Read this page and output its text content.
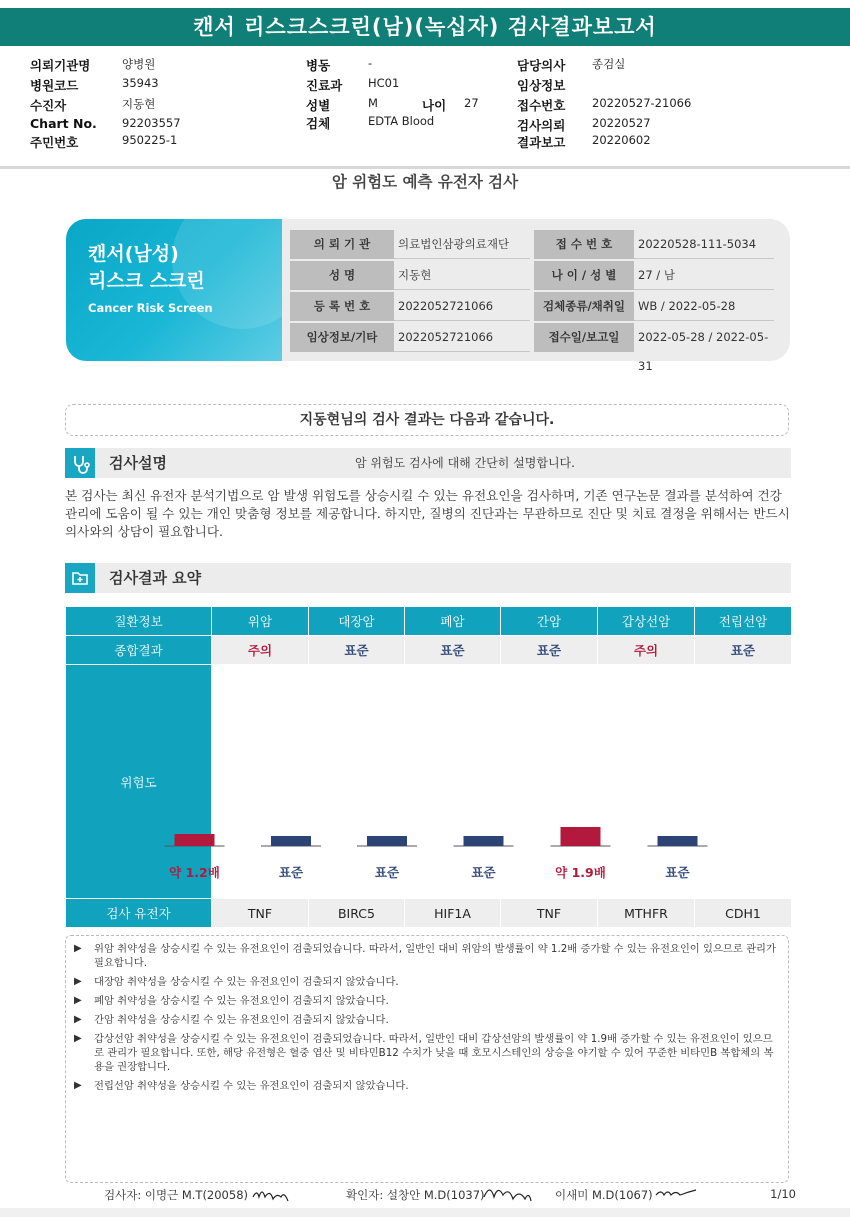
캔서 리스크스크린(남)(녹십자) 검사결과보고서
의뢰기관명	양병원
병원코드	35943
수진자	지동현
Chart No. 92203557
주민번호	950225-1
병동	-
진료과 HC01
성별	M	나이 27
검체	EDTA Blood
담당의사 종검실
임상정보
접수번호 20220527-21066
검사의뢰 20220527
결과보고 20220602
암 위험도 예측 유전자 검사
캔서(남성)
리스크 스크린
Cancer Risk Screen
의 뢰 기 관	의료법인삼광의료재단
성 명	지동현
등 록 번 호	2022052721066
임상정보/기타	2022052721066
접 수 번 호	20220528-111-5034
나 이 / 성 별	27 / 남
검체종류/채취일	WB / 2022-05-28
접수일/보고일	2022-05-28 / 2022-05-31
지동현님의 검사 결과는 다음과 같습니다.
검사설명	암 위험도 검사에 대해 간단히 설명합니다.
본 검사는 최신 유전자 분석기법으로 암 발생 위험도를 상승시킬 수 있는 유전요인을 검사하며, 기존 연구논문 결과를 분석하여 건강 관리에 도움이 될 수 있는 개인 맞춤형 정보를 제공합니다. 하지만, 질병의 진단과는 무관하므로 진단 및 치료 결정을 위해서는 반드시 의사와의 상담이 필요합니다.
검사결과 요약
질환정보	위암	대장암	폐암	간암	갑상선암	전립선암
종합결과	주의	표준	표준	표준	주의	표준
위험도						
검사 유전자	TNF	BIRC5	HIF1A	TNF	MTHFR	CDH1
약 1.2배	표준	표준	표준	약 1.9배	표준
▶ 위암 취약성을 상승시킬 수 있는 유전요인이 검출되었습니다. 따라서, 일반인 대비 위암의 발생률이 약 1.2배 증가할 수 있는 유전요인이 있으므로 관리가 필요합니다.
▶ 대장암 취약성을 상승시킬 수 있는 유전요인이 검출되지 않았습니다.
▶ 폐암 취약성을 상승시킬 수 있는 유전요인이 검출되지 않았습니다.
▶ 간암 취약성을 상승시킬 수 있는 유전요인이 검출되지 않았습니다.
▶ 갑상선암 취약성을 상승시킬 수 있는 유전요인이 검출되었습니다. 따라서, 일반인 대비 갑상선암의 발생률이 약 1.9배 증가할 수 있는 유전요인이 있으므로 관리가 필요합니다. 또한, 해당 유전형은 혈중 엽산 및 비타민B12 수치가 낮을 때 호모시스테인의 상승을 야기할 수 있어 꾸준한 비타민B 복합체의 복용을 권장합니다.
▶ 전립선암 취약성을 상승시킬 수 있는 유전요인이 검출되지 않았습니다.
검사자: 이명근 M.T(20058)	확인자: 설창안 M.D(1037)	이새미 M.D(1067)	1/10
